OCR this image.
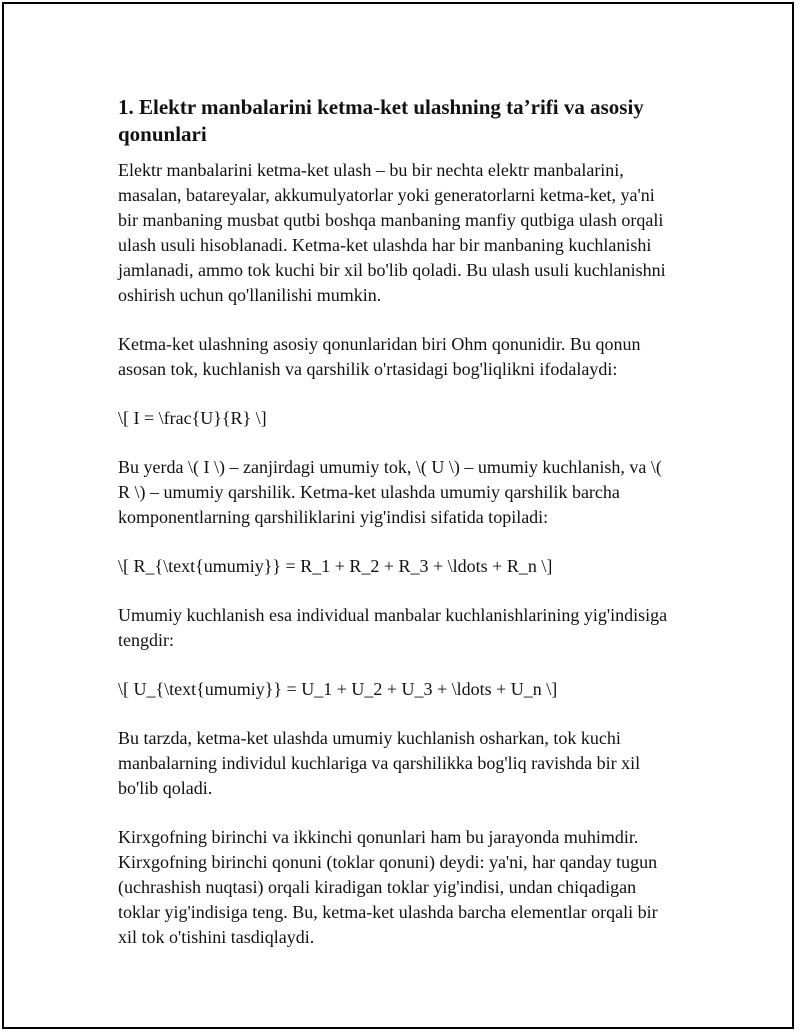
1. Elektr manbalarini ketma-ket ulashning ta’rifi va asosiy qonunlari

Elektr manbalarini ketma-ket ulash – bu bir nechta elektr manbalarini, masalan, batareyalar, akkumulyatorlar yoki generatorlarni ketma-ket, ya'ni bir manbaning musbat qutbi boshqa manbaning manfiy qutbiga ulash orqali ulash usuli hisoblanadi. Ketma-ket ulashda har bir manbaning kuchlanishi jamlanadi, ammo tok kuchi bir xil bo'lib qoladi. Bu ulash usuli kuchlanishni oshirish uchun qo'llanilishi mumkin.

Ketma-ket ulashning asosiy qonunlaridan biri Ohm qonunidir. Bu qonun asosan tok, kuchlanish va qarshilik o'rtasidagi bog'liqlikni ifodalaydi:

\[ I = \frac{U}{R} \]

Bu yerda \( I \) – zanjirdagi umumiy tok, \( U \) – umumiy kuchlanish, va \( R \) – umumiy qarshilik. Ketma-ket ulashda umumiy qarshilik barcha komponentlarning qarshiliklarini yig'indisi sifatida topiladi:

\[ R_{\text{umumiy}} = R_1 + R_2 + R_3 + \ldots + R_n \]

Umumiy kuchlanish esa individual manbalar kuchlanishlarining yig'indisiga tengdir:

\[ U_{\text{umumiy}} = U_1 + U_2 + U_3 + \ldots + U_n \]

Bu tarzda, ketma-ket ulashda umumiy kuchlanish osharkan, tok kuchi manbalarning individul kuchlariga va qarshilikka bog'liq ravishda bir xil bo'lib qoladi.

Kirxgofning birinchi va ikkinchi qonunlari ham bu jarayonda muhimdir. Kirxgofning birinchi qonuni (toklar qonuni) deydi: ya'ni, har qanday tugun (uchrashish nuqtasi) orqali kiradigan toklar yig'indisi, undan chiqadigan toklar yig'indisiga teng. Bu, ketma-ket ulashda barcha elementlar orqali bir xil tok o'tishini tasdiqlaydi.
